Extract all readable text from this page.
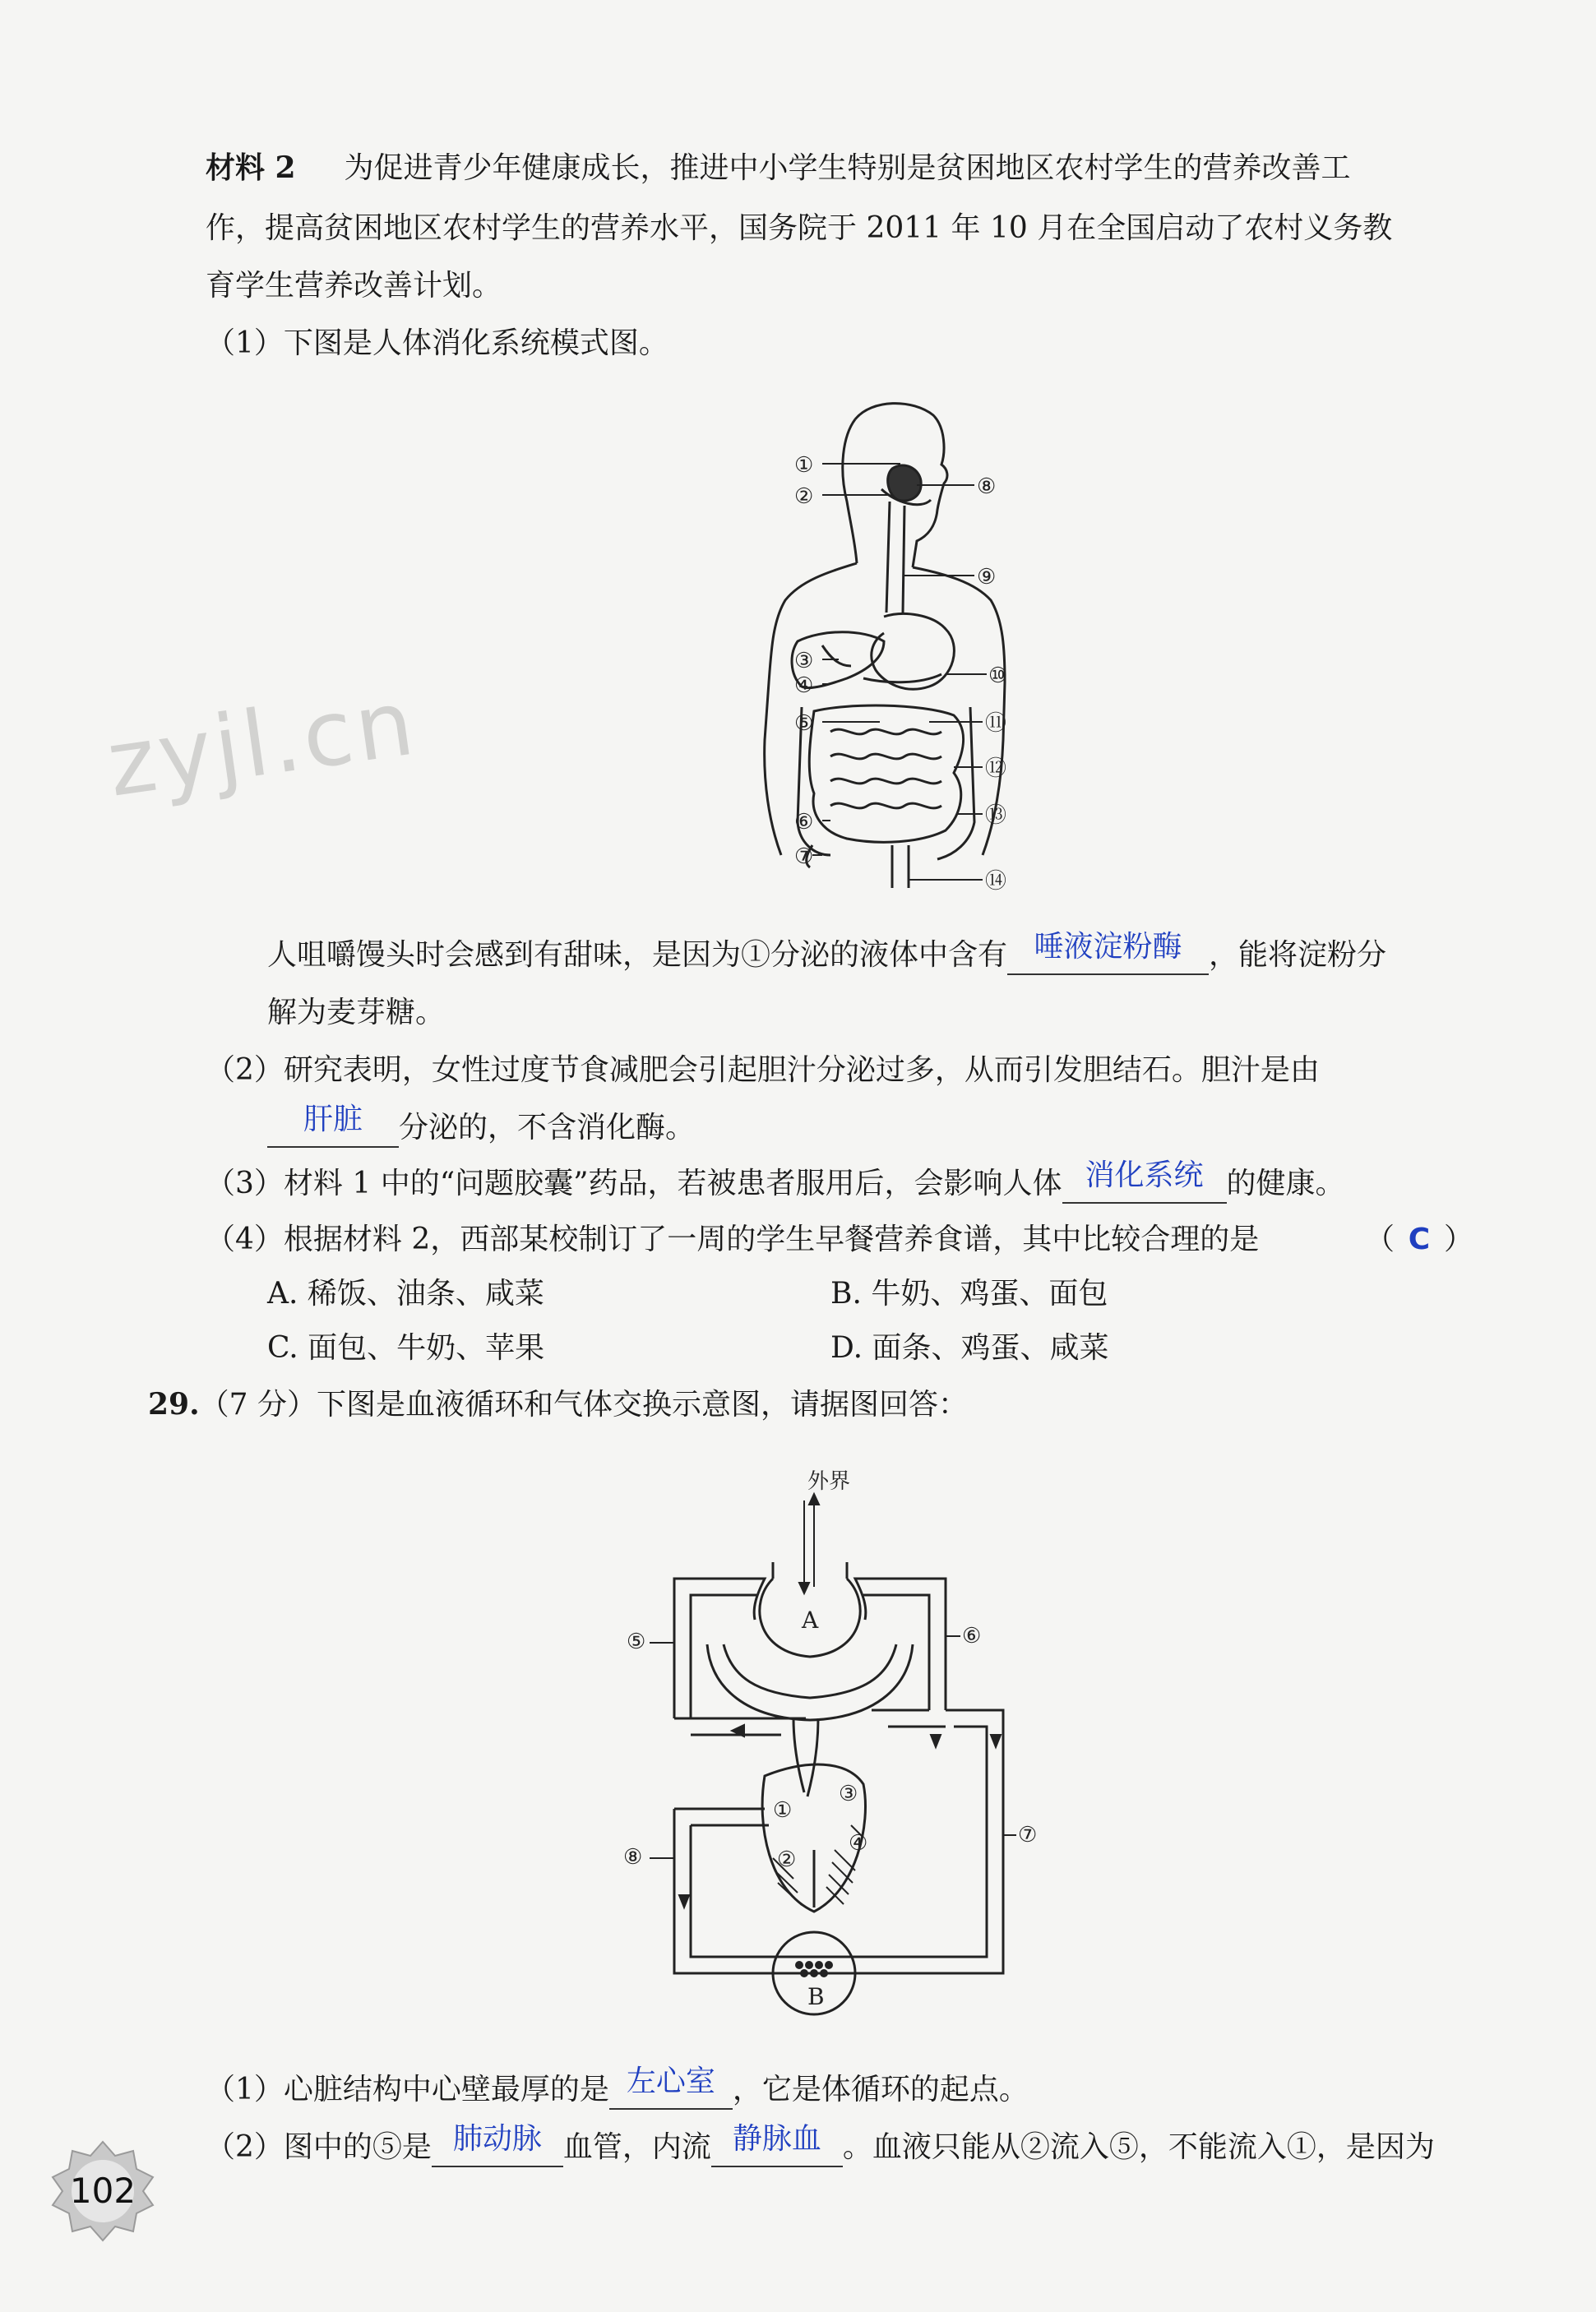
zyjl.cn
材料 2 为促进青少年健康成长，推进中小学生特别是贫困地区农村学生的营养改善工
作，提高贫困地区农村学生的营养水平，国务院于 2011 年 10 月在全国启动了农村义务教
育学生营养改善计划。
（1）下图是人体消化系统模式图。
①
②
③
④
⑤
⑥
⑦
⑧
⑨
⑩
⑪
⑫
⑬
⑭
人咀嚼馒头时会感到有甜味，是因为①分泌的液体中含有 唾液淀粉酶 ，能将淀粉分
解为麦芽糖。
（2）研究表明，女性过度节食减肥会引起胆汁分泌过多，从而引发胆结石。胆汁是由

肝脏	分泌的，不含消化酶。
（3）材料 1 中的“问题胶囊”药品，若被患者服用后，会影响人体 消化系统 的健康。
（4）根据材料 2，西部某校制订了一周的学生早餐营养食谱，其中比较合理的是	（ C ）
A. 稀饭、油条、咸菜	B. 牛奶、鸡蛋、面包
C. 面包、牛奶、苹果	D. 面条、鸡蛋、咸菜
29.（7 分）下图是血液循环和气体交换示意图，请据图回答：
外界
A
B
①
②
③
④
⑤	⑥
⑦
⑧
（1）心脏结构中心壁最厚的是 左心室 ，它是体循环的起点。
（2）图中的⑤是 肺动脉 血管，内流 静脉血 。血液只能从②流入⑤，不能流入①，是因为
102
